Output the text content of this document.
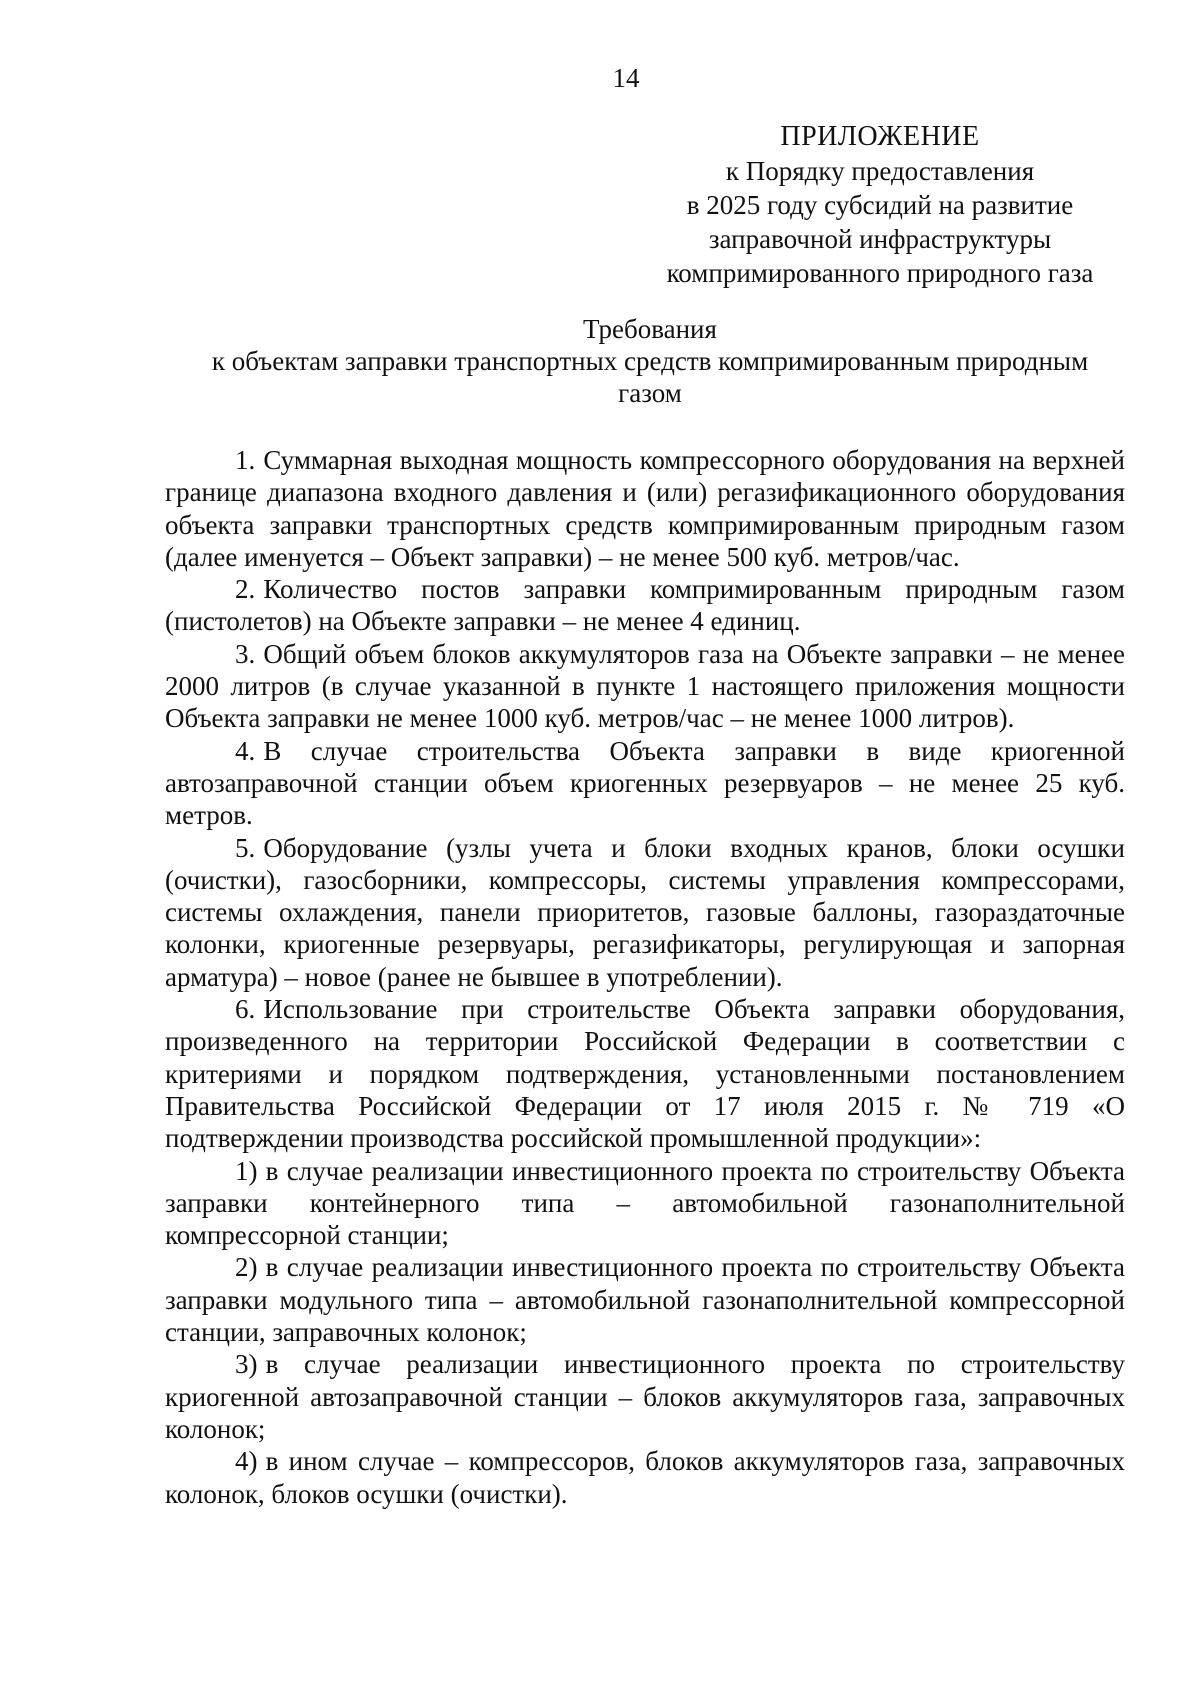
14
ПРИЛОЖЕНИЕ
к Порядку предоставления
в 2025 году субсидий на развитие
заправочной инфраструктуры
компримированного природного газа
Требования
к объектам заправки транспортных средств компримированным природным
газом

1. Суммарная выходная мощность компрессорного оборудования на верхней границе диапазона входного давления и (или) регазификационного оборудования объекта заправки транспортных средств компримированным природным газом (далее именуется – Объект заправки) – не менее 500 куб. метров/час.

2. Количество постов заправки компримированным природным газом (пистолетов) на Объекте заправки – не менее 4 единиц.

3. Общий объем блоков аккумуляторов газа на Объекте заправки – не менее 2000 литров (в случае указанной в пункте 1 настоящего приложения мощности Объекта заправки не менее 1000 куб. метров/час – не менее 1000 литров).

4. В случае строительства Объекта заправки в виде криогенной автозаправочной станции объем криогенных резервуаров – не менее 25 куб. метров.

5. Оборудование (узлы учета и блоки входных кранов, блоки осушки (очистки), газосборники, компрессоры, системы управления компрессорами, системы охлаждения, панели приоритетов, газовые баллоны, газораздаточные колонки, криогенные резервуары, регазификаторы, регулирующая и запорная арматура) – новое (ранее не бывшее в употреблении).

6. Использование при строительстве Объекта заправки оборудования, произведенного на территории Российской Федерации в соответствии с критериями и порядком подтверждения, установленными постановлением Правительства Российской Федерации от 17 июля 2015 г. № 719 «О подтверждении производства российской промышленной продукции»:

1) в случае реализации инвестиционного проекта по строительству Объекта заправки контейнерного типа – автомобильной газонаполнительной компрессорной станции;

2) в случае реализации инвестиционного проекта по строительству Объекта заправки модульного типа – автомобильной газонаполнительной компрессорной станции, заправочных колонок;

3) в случае реализации инвестиционного проекта по строительству криогенной автозаправочной станции – блоков аккумуляторов газа, заправочных колонок;

4) в ином случае – компрессоров, блоков аккумуляторов газа, заправочных колонок, блоков осушки (очистки).
